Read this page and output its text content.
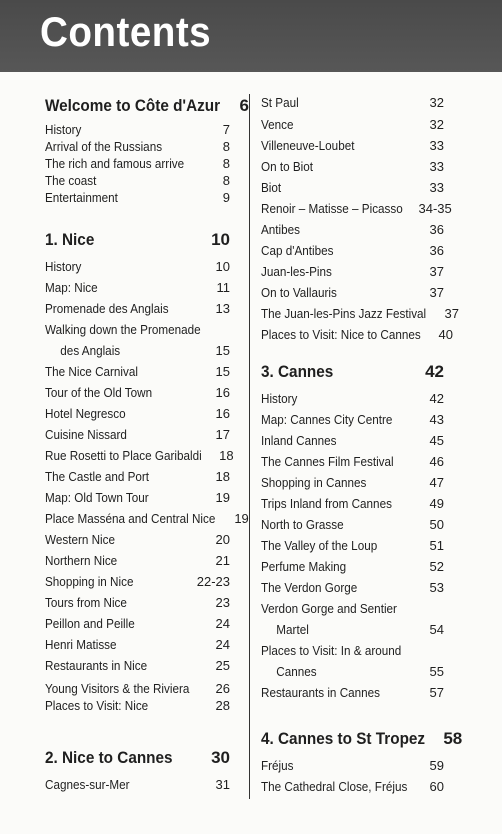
Contents
Welcome to Côte d'Azur 6
History	7
Arrival of the Russians	8
The rich and famous arrive	8
The coast	8
Entertainment	9
1. Nice	10
History	10
Map: Nice	11
Promenade des Anglais	13
Walking down the Promenade
des Anglais	15
The Nice Carnival	15
Tour of the Old Town	16
Hotel Negresco	16
Cuisine Nissard	17
Rue Rosetti to Place Garibaldi 18
The Castle and Port	18
Map: Old Town Tour	19
Place Masséna and Central Nice 19
Western Nice	20
Northern Nice	21
Shopping in Nice	22-23
Tours from Nice	23
Peillon and Peille	24
Henri Matisse	24
Restaurants in Nice	25
Young Visitors & the Riviera 26
Places to Visit: Nice	28
2. Nice to Cannes 30
Cagnes-sur-Mer	31
St Paul	32
Vence	32
Villeneuve-Loubet	33
On to Biot	33
Biot	33
Renoir – Matisse – Picasso 34-35
Antibes	36
Cap d'Antibes	36
Juan-les-Pins	37
On to Vallauris	37
The Juan-les-Pins Jazz Festival 37
Places to Visit: Nice to Cannes 40
3. Cannes	42
History	42
Map: Cannes City Centre	43
Inland Cannes	45
The Cannes Film Festival	46
Shopping in Cannes	47
Trips Inland from Cannes	49
North to Grasse	50
The Valley of the Loup	51
Perfume Making	52
The Verdon Gorge	53
Verdon Gorge and Sentier
Martel	54
Places to Visit: In & around
Cannes	55
Restaurants in Cannes	57
4. Cannes to St Tropez 58
Fréjus	59
The Cathedral Close, Fréjus 60
